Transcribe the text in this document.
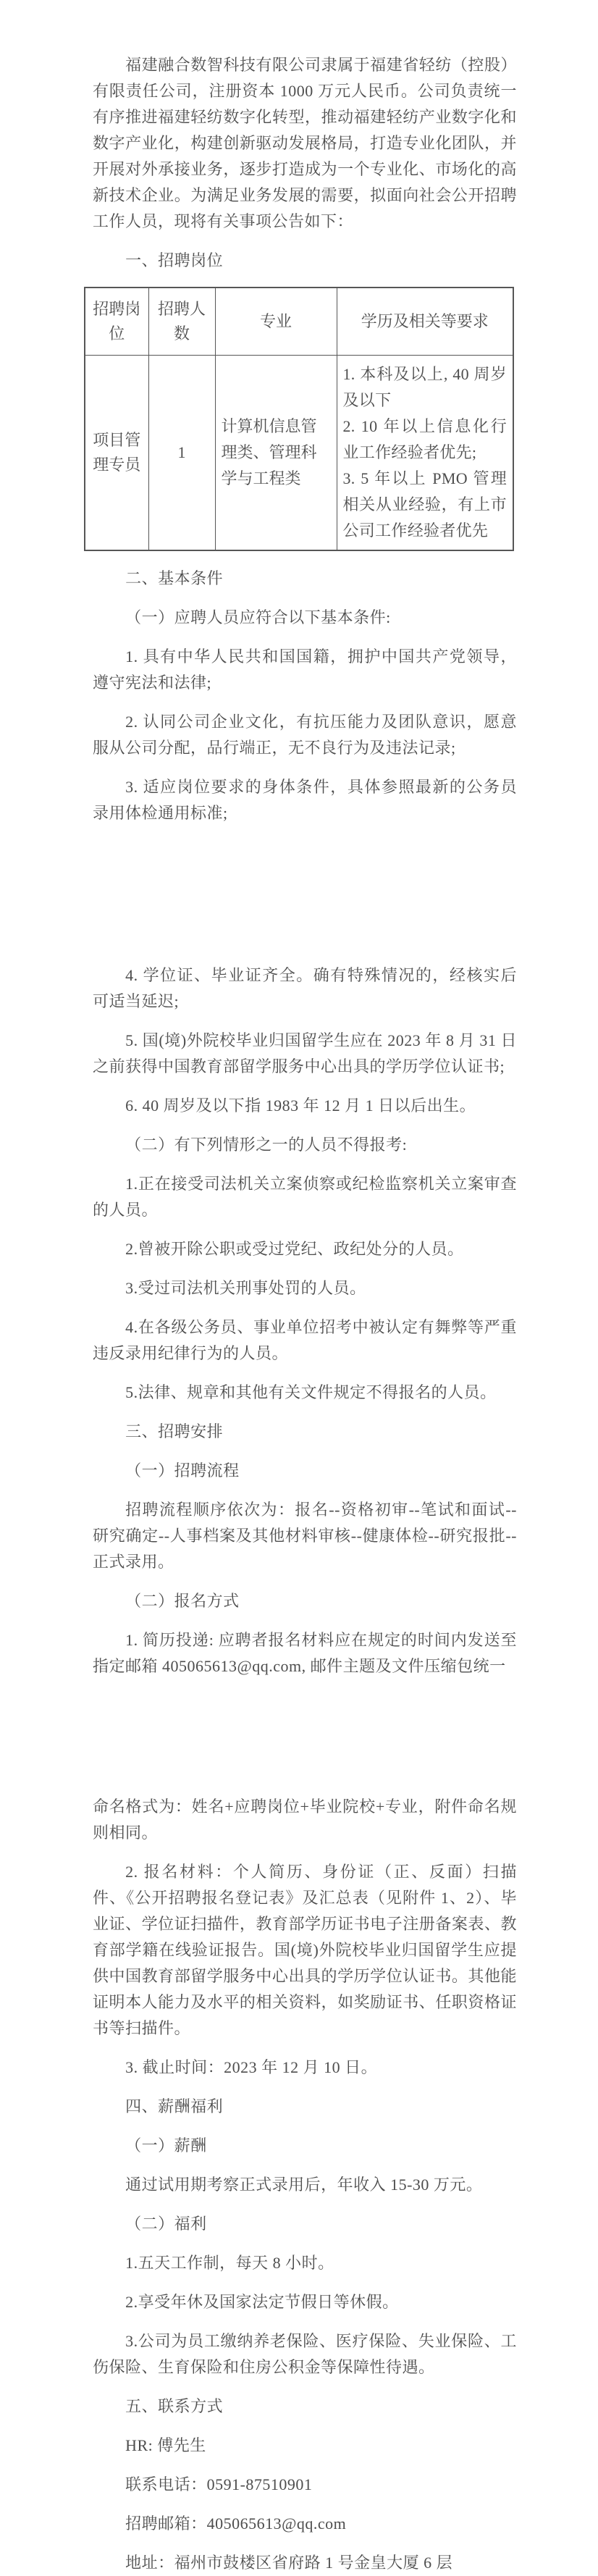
福建融合数智科技有限公司隶属于福建省轻纺（控股）有限责任公司，注册资本 1000 万元人民币。公司负责统一有序推进福建轻纺数字化转型，推动福建轻纺产业数字化和数字产业化，构建创新驱动发展格局，打造专业化团队，并开展对外承接业务，逐步打造成为一个专业化、市场化的高新技术企业。为满足业务发展的需要，拟面向社会公开招聘工作人员，现将有关事项公告如下：

一、招聘岗位

招聘岗位	招聘人数	专业	学历及相关等要求
项目管理专员	1	计算机信息管理类、管理科学与工程类	1. 本科及以上, 40 周岁及以下
2. 10 年以上信息化行业工作经验者优先;
3. 5 年以上 PMO 管理相关从业经验，有上市公司工作经验者优先

二、基本条件

（一）应聘人员应符合以下基本条件:

1. 具有中华人民共和国国籍，拥护中国共产党领导，遵守宪法和法律;

2. 认同公司企业文化，有抗压能力及团队意识，愿意服从公司分配，品行端正，无不良行为及违法记录;

3. 适应岗位要求的身体条件，具体参照最新的公务员录用体检通用标准;

4. 学位证、毕业证齐全。确有特殊情况的，经核实后可适当延迟;

5. 国(境)外院校毕业归国留学生应在 2023 年 8 月 31 日之前获得中国教育部留学服务中心出具的学历学位认证书;

6. 40 周岁及以下指 1983 年 12 月 1 日以后出生。

（二）有下列情形之一的人员不得报考:

1.正在接受司法机关立案侦察或纪检监察机关立案审查的人员。

2.曾被开除公职或受过党纪、政纪处分的人员。

3.受过司法机关刑事处罚的人员。

4.在各级公务员、事业单位招考中被认定有舞弊等严重违反录用纪律行为的人员。

5.法律、规章和其他有关文件规定不得报名的人员。

三、招聘安排

（一）招聘流程

招聘流程顺序依次为：报名--资格初审--笔试和面试--研究确定--人事档案及其他材料审核--健康体检--研究报批--正式录用。

（二）报名方式

1. 简历投递: 应聘者报名材料应在规定的时间内发送至指定邮箱 405065613@qq.com, 邮件主题及文件压缩包统一

命名格式为：姓名+应聘岗位+毕业院校+专业，附件命名规则相同。

2. 报名材料：个人简历、身份证（正、反面）扫描件、《公开招聘报名登记表》及汇总表（见附件 1、2）、毕业证、学位证扫描件，教育部学历证书电子注册备案表、教育部学籍在线验证报告。国(境)外院校毕业归国留学生应提供中国教育部留学服务中心出具的学历学位认证书。其他能证明本人能力及水平的相关资料，如奖励证书、任职资格证书等扫描件。

3. 截止时间：2023 年 12 月 10 日。

四、薪酬福利

（一）薪酬

通过试用期考察正式录用后，年收入 15-30 万元。

（二）福利

1.五天工作制，每天 8 小时。

2.享受年休及国家法定节假日等休假。

3.公司为员工缴纳养老保险、医疗保险、失业保险、工伤保险、生育保险和住房公积金等保障性待遇。

五、联系方式

HR: 傅先生

联系电话：0591-87510901

招聘邮箱：405065613@qq.com

地址：福州市鼓楼区省府路 1 号金皇大厦 6 层
